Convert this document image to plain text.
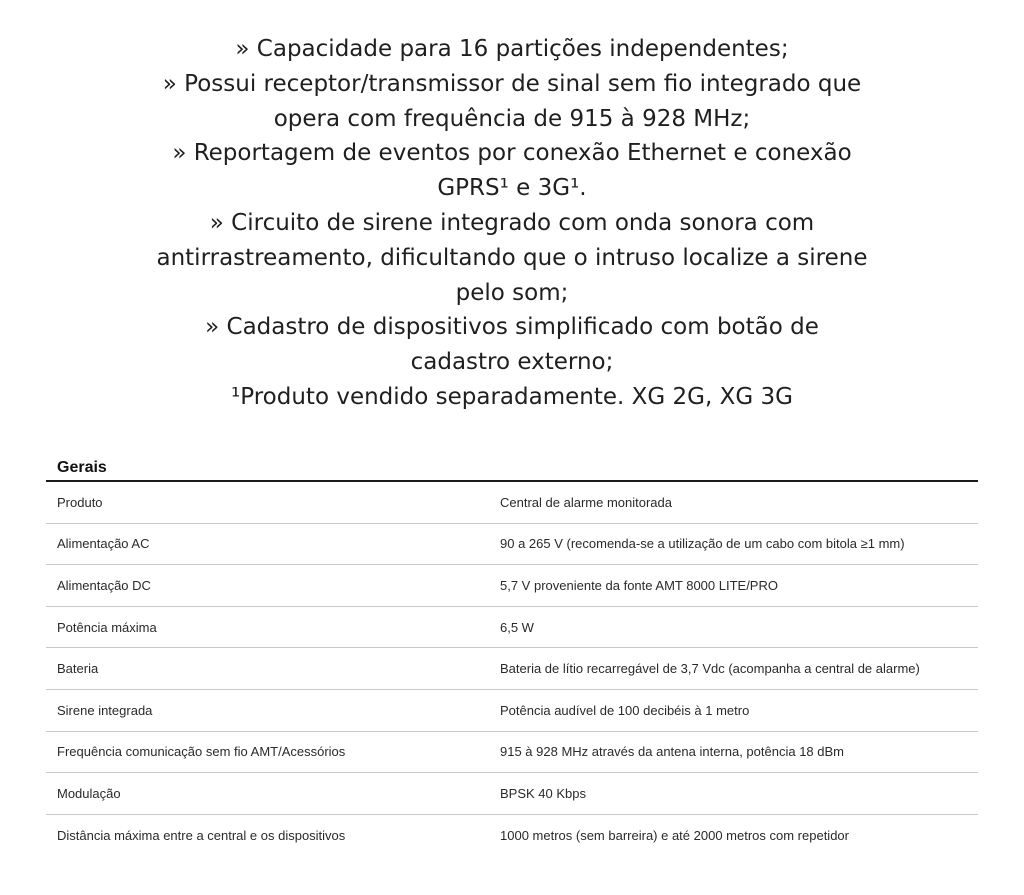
» Capacidade para 16 partições independentes;
» Possui receptor/transmissor de sinal sem fio integrado que
opera com frequência de 915 à 928 MHz;
» Reportagem de eventos por conexão Ethernet e conexão
GPRS¹ e 3G¹.
» Circuito de sirene integrado com onda sonora com
antirrastreamento, dificultando que o intruso localize a sirene
pelo som;
» Cadastro de dispositivos simplificado com botão de
cadastro externo;
¹Produto vendido separadamente. XG 2G, XG 3G
Gerais
Produto	Central de alarme monitorada
Alimentação AC	90 a 265 V (recomenda-se a utilização de um cabo com bitola ≥1 mm)
Alimentação DC	5,7 V proveniente da fonte AMT 8000 LITE/PRO
Potência máxima	6,5 W
Bateria	Bateria de lítio recarregável de 3,7 Vdc (acompanha a central de alarme)
Sirene integrada	Potência audível de 100 decibéis à 1 metro
Frequência comunicação sem fio AMT/Acessórios	915 à 928 MHz através da antena interna, potência 18 dBm
Modulação	BPSK 40 Kbps
Distância máxima entre a central e os dispositivos	1000 metros (sem barreira) e até 2000 metros com repetidor
